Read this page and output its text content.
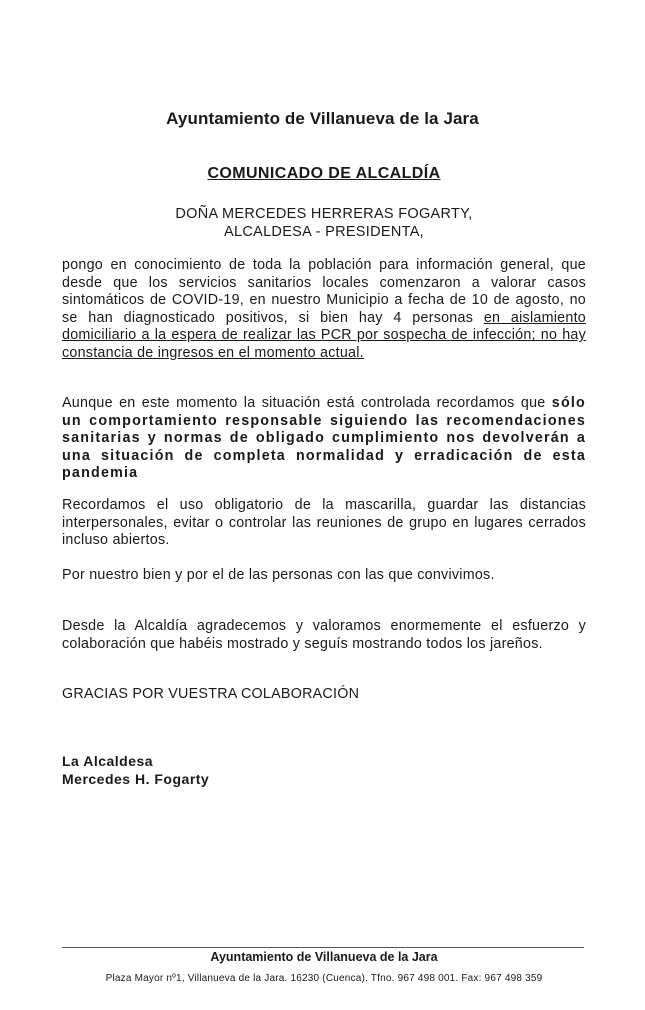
Ayuntamiento de Villanueva de la Jara
COMUNICADO DE ALCALDÍA
DOÑA MERCEDES HERRERAS FOGARTY,
ALCALDESA - PRESIDENTA,
pongo en conocimiento de toda la población para información general, que desde que los servicios sanitarios locales comenzaron a valorar casos sintomáticos de COVID-19, en nuestro Municipio a fecha de 10 de agosto, no se han diagnosticado positivos, si bien hay 4 personas en aislamiento domiciliario a la espera de realizar las PCR por sospecha de infección; no hay constancia de ingresos en el momento actual.
Aunque en este momento la situación está controlada recordamos que sólo un comportamiento responsable siguiendo las recomendaciones sanitarias y normas de obligado cumplimiento nos devolverán a una situación de completa normalidad y erradicación de esta pandemia
Recordamos el uso obligatorio de la mascarilla, guardar las distancias interpersonales, evitar o controlar las reuniones de grupo en lugares cerrados incluso abiertos.
Por nuestro bien y por el de las personas con las que convivimos.
Desde la Alcaldía agradecemos y valoramos enormemente el esfuerzo y colaboración que habéis mostrado y seguís mostrando todos los jareños.
GRACIAS POR VUESTRA COLABORACIÓN
La Alcaldesa
Mercedes H. Fogarty
Ayuntamiento de Villanueva de la Jara
Plaza Mayor nº1, Villanueva de la Jara. 16230 (Cuenca). Tfno. 967 498 001. Fax: 967 498 359
